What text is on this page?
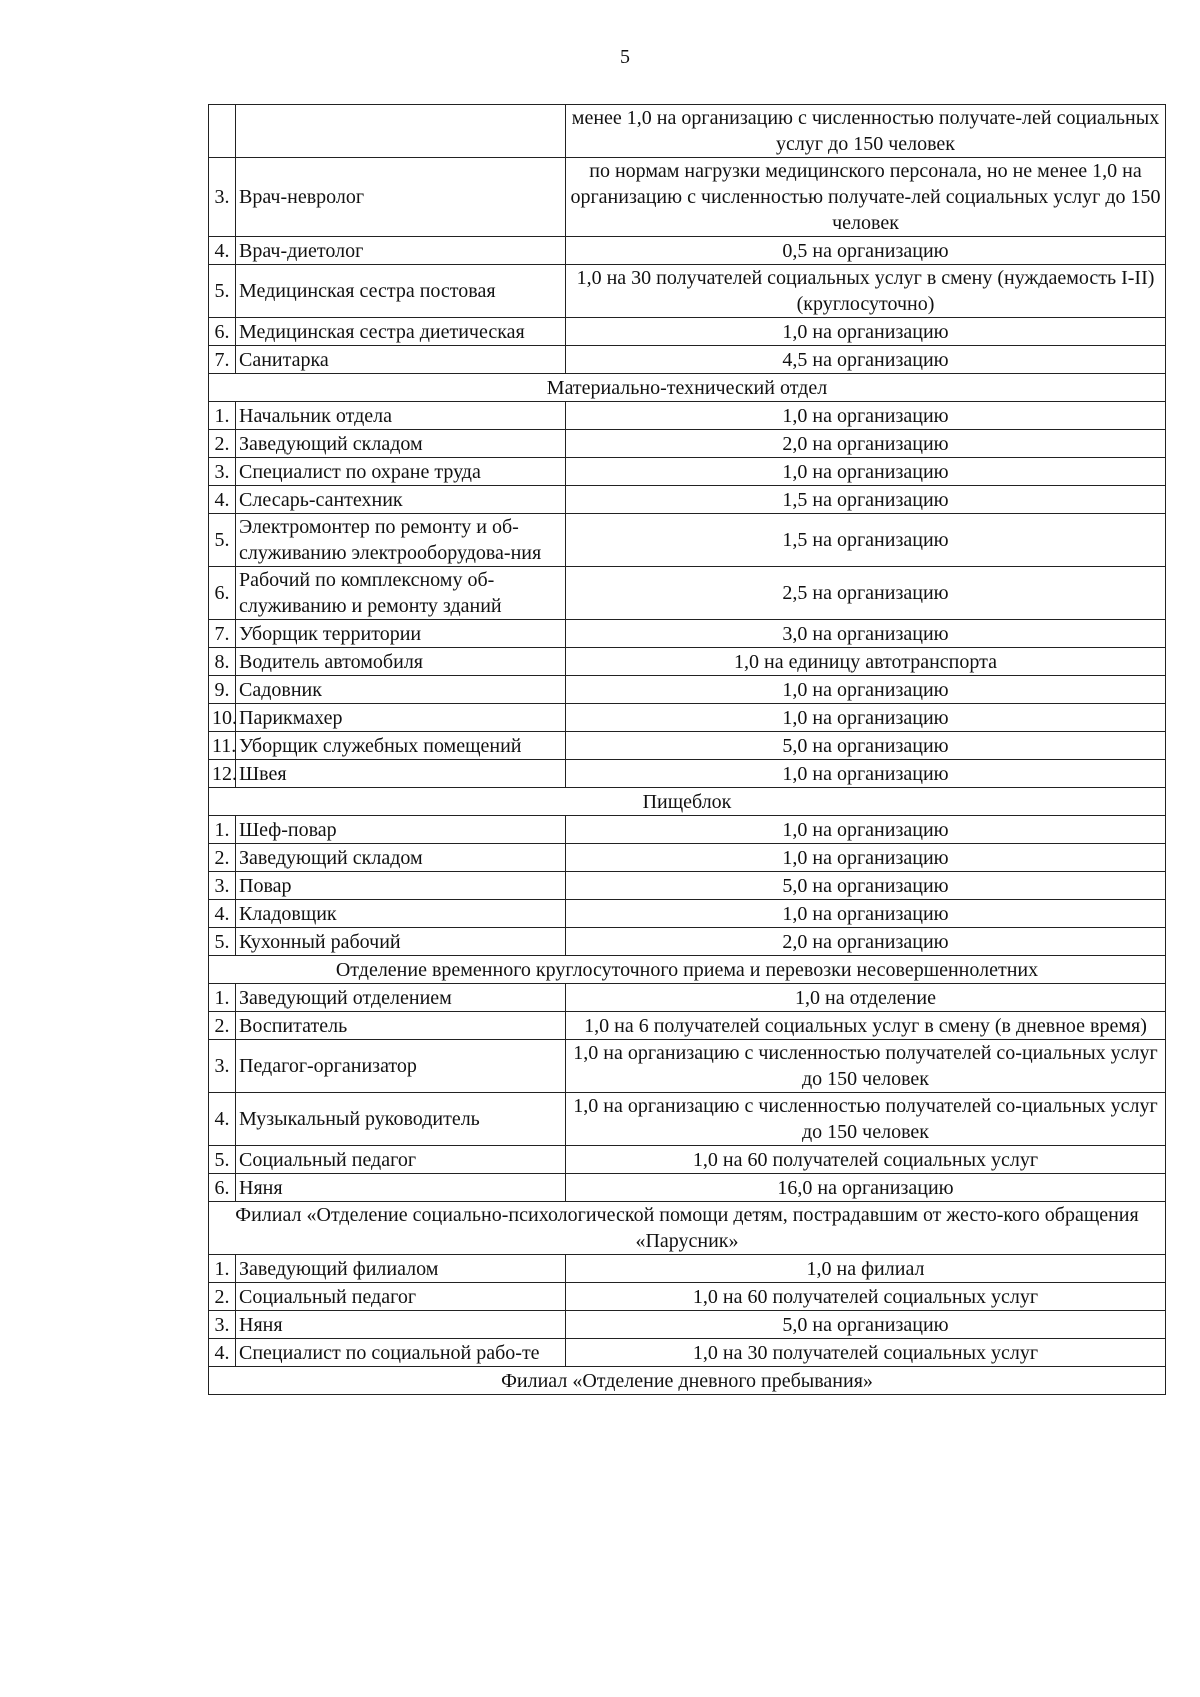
5
		менее 1,0 на организацию с численностью получате-лей социальных услуг до 150 человек
3.	Врач-невролог	по нормам нагрузки медицинского персонала, но не менее 1,0 на организацию с численностью получате-лей социальных услуг до 150 человек
4.	Врач-диетолог	0,5 на организацию
5.	Медицинская сестра постовая	1,0 на 30 получателей социальных услуг в смену (нуждаемость I-II) (круглосуточно)
6.	Медицинская сестра диетическая	1,0 на организацию
7.	Санитарка	4,5 на организацию
Материально-технический отдел		
1.	Начальник отдела	1,0 на организацию
2.	Заведующий складом	2,0 на организацию
3.	Специалист по охране труда	1,0 на организацию
4.	Слесарь-сантехник	1,5 на организацию
5.	Электромонтер по ремонту и об-служиванию электрооборудова-ния	1,5 на организацию
6.	Рабочий по комплексному об-служиванию и ремонту зданий	2,5 на организацию
7.	Уборщик территории	3,0 на организацию
8.	Водитель автомобиля	1,0 на единицу автотранспорта
9.	Садовник	1,0 на организацию
10.	Парикмахер	1,0 на организацию
11.	Уборщик служебных помещений	5,0 на организацию
12.	Швея	1,0 на организацию
Пищеблок		
1.	Шеф-повар	1,0 на организацию
2.	Заведующий складом	1,0 на организацию
3.	Повар	5,0 на организацию
4.	Кладовщик	1,0 на организацию
5.	Кухонный рабочий	2,0 на организацию
Отделение временного круглосуточного приема и перевозки несовершеннолетних		
1.	Заведующий отделением	1,0 на отделение
2.	Воспитатель	1,0 на 6 получателей социальных услуг в смену (в дневное время)
3.	Педагог-организатор	1,0 на организацию с численностью получателей со-циальных услуг до 150 человек
4.	Музыкальный руководитель	1,0 на организацию с численностью получателей со-циальных услуг до 150 человек
5.	Социальный педагог	1,0 на 60 получателей социальных услуг
6.	Няня	16,0 на организацию
Филиал «Отделение социально-психологической помощи детям, пострадавшим от жесто-кого обращения «Парусник»		
1.	Заведующий филиалом	1,0 на филиал
2.	Социальный педагог	1,0 на 60 получателей социальных услуг
3.	Няня	5,0 на организацию
4.	Специалист по социальной рабо-те	1,0 на 30 получателей социальных услуг
Филиал «Отделение дневного пребывания»		
